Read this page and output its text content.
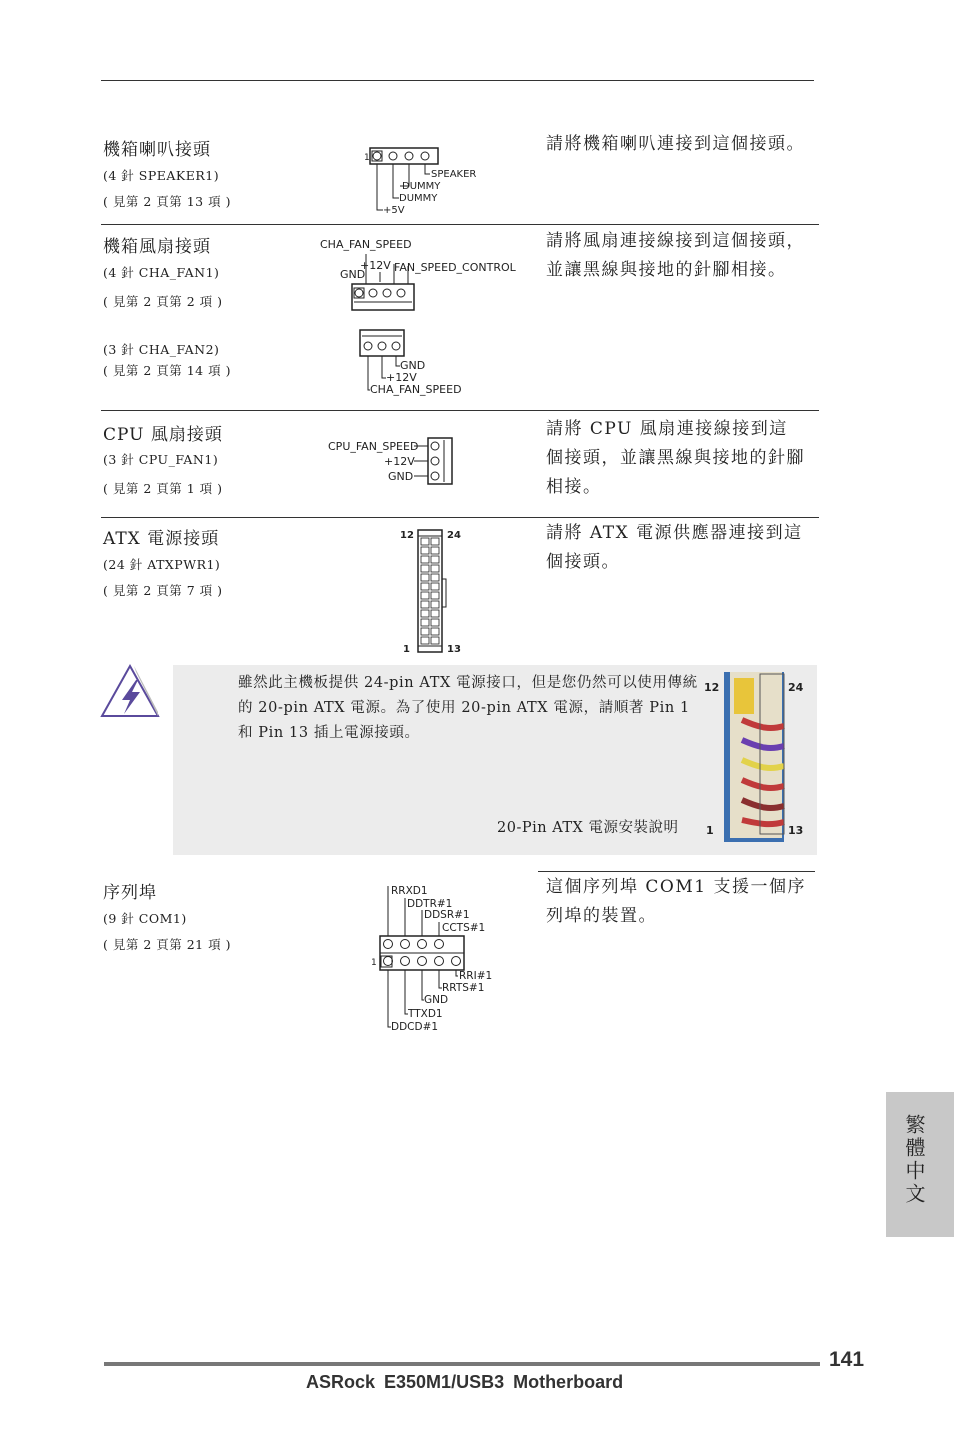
機箱喇叭接頭
(4 針 SPEAKER1)
( 見第 2 頁第 13 項 )
請將機箱喇叭連接到這個接頭。
1
SPEAKER
DUMMY
DUMMY
+5V
機箱風扇接頭
(4 針 CHA_FAN1)
( 見第 2 頁第 2 項 )
(3 針 CHA_FAN2)
( 見第 2 頁第 14 項 )
請將風扇連接線接到這個接頭，並讓黑線與接地的針腳相接。
CHA_FAN_SPEED
+12V
GND
FAN_SPEED_CONTROL
GND
+12V
CHA_FAN_SPEED
CPU 風扇接頭
(3 針 CPU_FAN1)
( 見第 2 頁第 1 項 )
請將 CPU 風扇連接線接到這個接頭，並讓黑線與接地的針腳相接。
CPU_FAN_SPEED
+12V
GND
ATX 電源接頭
(24 針 ATXPWR1)
( 見第 2 頁第 7 項 )
請將 ATX 電源供應器連接到這個接頭。
12	24
1	13
雖然此主機板提供 24-pin ATX 電源接口，但是您仍然可以使用傳統的 20-pin ATX 電源。為了使用 20-pin ATX 電源，請順著 Pin 1 和 Pin 13 插上電源接頭。
20-Pin ATX 電源安裝說明
12	24
1	13
序列埠
(9 針 COM1)
( 見第 2 頁第 21 項 )
這個序列埠 COM1 支援一個序列埠的裝置。
RRXD1
DDTR#1
DDSR#1
CCTS#1
1
RRI#1
RRTS#1
GND
TTXD1
DDCD#1
繁體中文
141
ASRock E350M1/USB3 Motherboard
